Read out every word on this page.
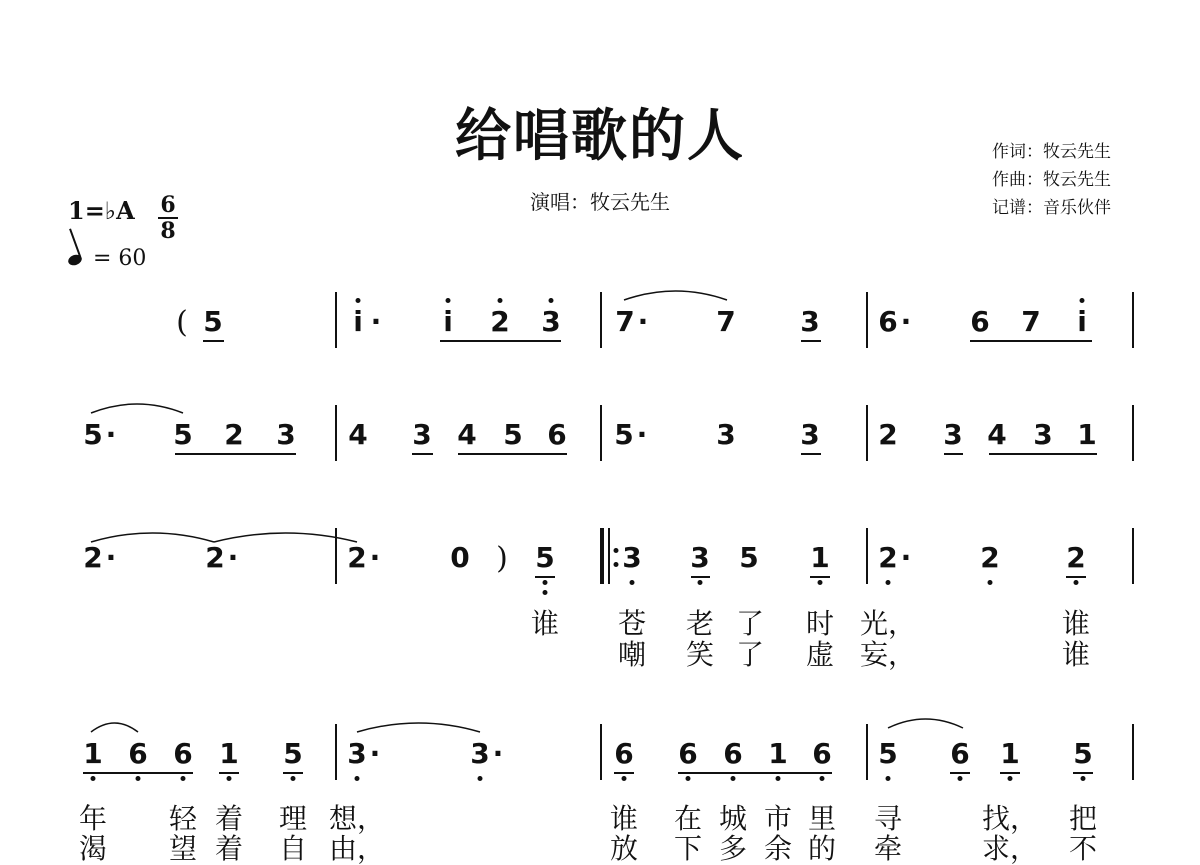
给唱歌的人
演唱：牧云先生
作词：牧云先生
作曲：牧云先生
记谱：音乐伙伴
1=♭A 6
8
= 60
( 5	i · i 2 3 7 · 7 3 6 · 6 7 i
5 · 5 2 3 4 3 4 5 6 5 · 3 3 2 3 4 3 1
2 ·	2 ·	2 · 0 ) 5 3 3 5 1 2 · 2 2
1 6 6 1 5 3 ·	3 ·	6 6 6 1 6 5 6 1 5
谁 苍 老 了 时 光，	谁
嘲 笑 了 虚 妄，	谁
年 轻 着 理 想，	谁 在 城 市 里 寻	找， 把
渴 望 着 自 由，	放 下 多 余 的 牵	求， 不
